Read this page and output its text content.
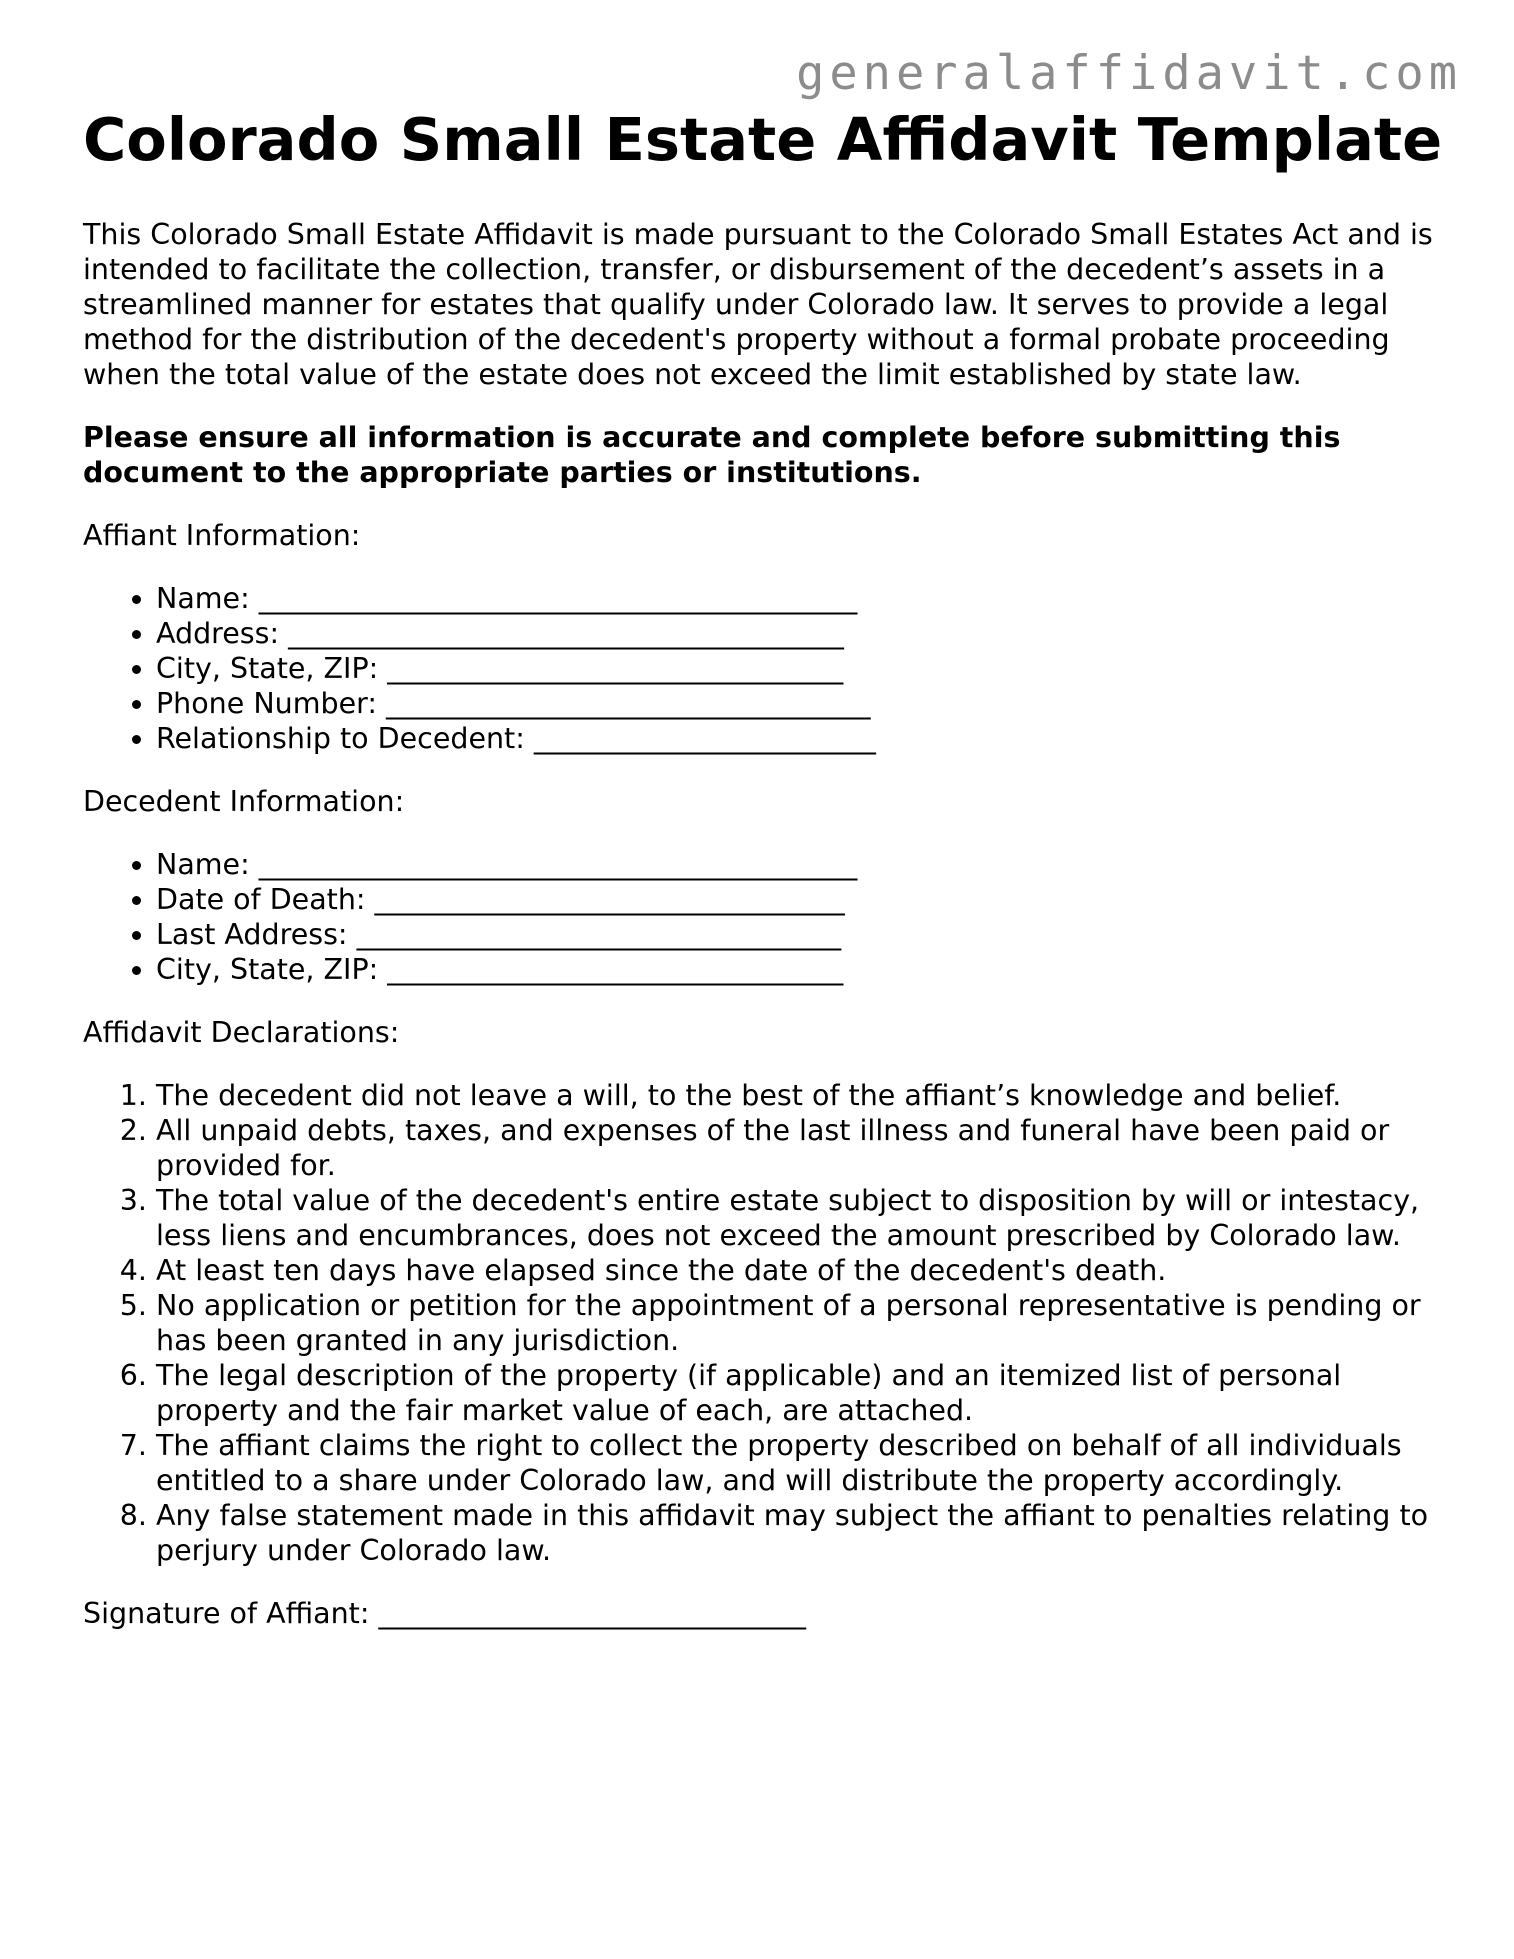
generalaffidavit.com
Colorado Small Estate Affidavit Template

This Colorado Small Estate Affidavit is made pursuant to the Colorado Small Estates Act and is intended to facilitate the collection, transfer, or disbursement of the decedent’s assets in a streamlined manner for estates that qualify under Colorado law. It serves to provide a legal method for the distribution of the decedent's property without a formal probate proceeding when the total value of the estate does not exceed the limit established by state law.

Please ensure all information is accurate and complete before submitting this document to the appropriate parties or institutions.

Affiant Information:

• Name: __________________________________________
• Address: _______________________________________
• City, State, ZIP: ________________________________
• Phone Number: __________________________________
• Relationship to Decedent: ________________________

Decedent Information:

• Name: __________________________________________
• Date of Death: _________________________________
• Last Address: __________________________________
• City, State, ZIP: ________________________________

Affidavit Declarations:

1. The decedent did not leave a will, to the best of the affiant’s knowledge and belief.
2. All unpaid debts, taxes, and expenses of the last illness and funeral have been paid or provided for.
3. The total value of the decedent's entire estate subject to disposition by will or intestacy, less liens and encumbrances, does not exceed the amount prescribed by Colorado law.
4. At least ten days have elapsed since the date of the decedent's death.
5. No application or petition for the appointment of a personal representative is pending or has been granted in any jurisdiction.
6. The legal description of the property (if applicable) and an itemized list of personal property and the fair market value of each, are attached.
7. The affiant claims the right to collect the property described on behalf of all individuals entitled to a share under Colorado law, and will distribute the property accordingly.
8. Any false statement made in this affidavit may subject the affiant to penalties relating to perjury under Colorado law.

Signature of Affiant: ______________________________
